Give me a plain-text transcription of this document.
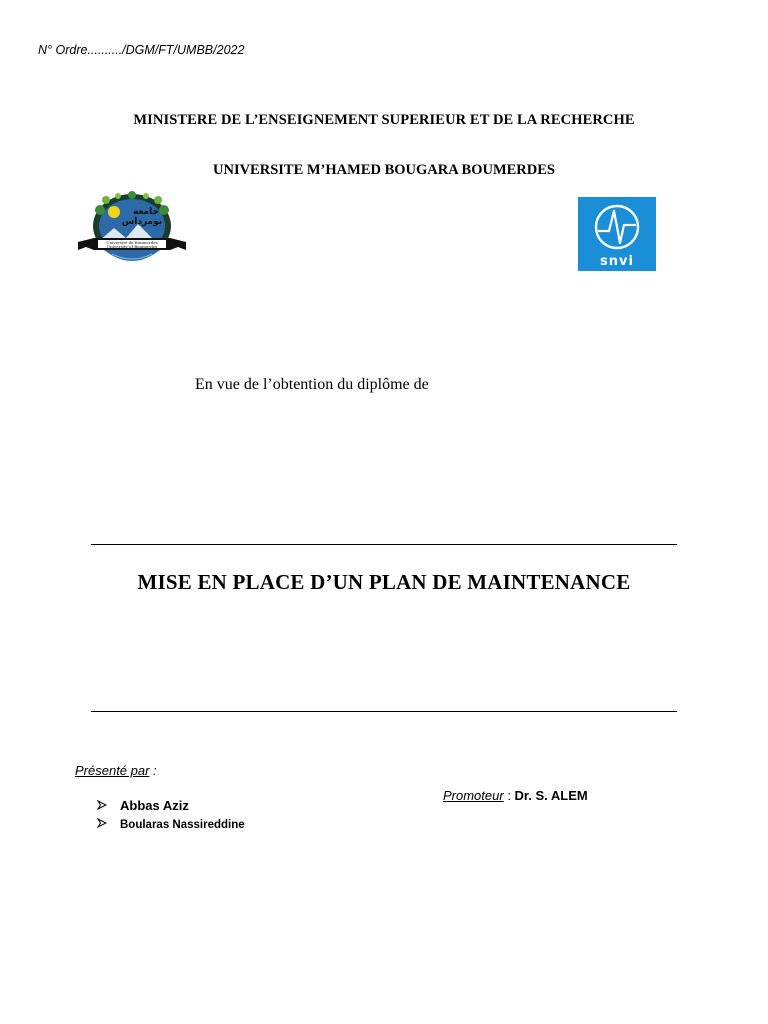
N° Ordre........../DGM/FT/UMBB/2022
MINISTERE DE L’ENSEIGNEMENT SUPERIEUR ET DE LA RECHERCHE
UNIVERSITE M’HAMED BOUGARA BOUMERDES
جامعة
بومرداس
Université de Boumerdes
University of Boumerdes
snvi
En vue de l’obtention du diplôme de
MISE EN PLACE D’UN PLAN DE MAINTENANCE
Présenté par :
Abbas Aziz
Boularas Nassireddine
Promoteur : Dr. S. ALEM
